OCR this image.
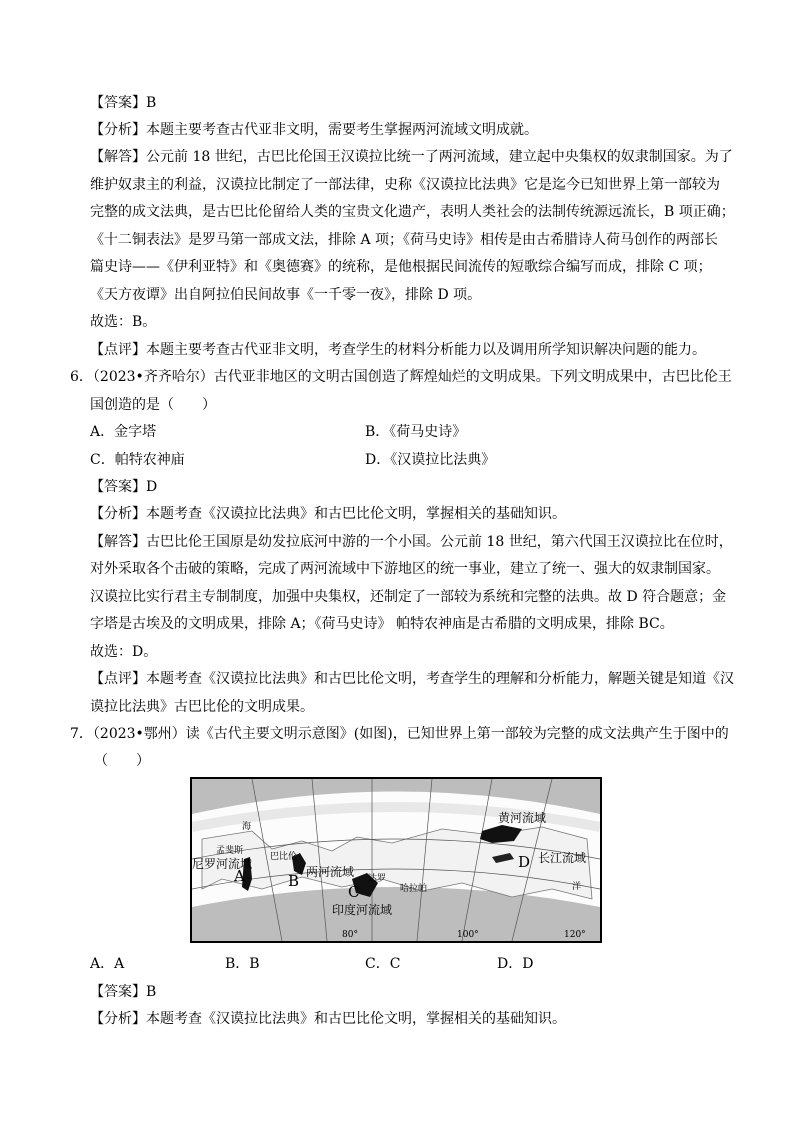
【答案】B
【分析】本题主要考查古代亚非文明，需要考生掌握两河流域文明成就。
【解答】公元前 18 世纪，古巴比伦国王汉谟拉比统一了两河流域，建立起中央集权的奴隶制国家。为了
维护奴隶主的利益，汉谟拉比制定了一部法律，史称《汉谟拉比法典》它是迄今已知世界上第一部较为
完整的成文法典，是古巴比伦留给人类的宝贵文化遗产，表明人类社会的法制传统源远流长，B 项正确；
《十二铜表法》是罗马第一部成文法，排除 A 项；《荷马史诗》相传是由古希腊诗人荷马创作的两部长
篇史诗——《伊利亚特》和《奥德赛》的统称，是他根据民间流传的短歌综合编写而成，排除 C 项；
《天方夜谭》出自阿拉伯民间故事《一千零一夜》，排除 D 项。
故选：B。
【点评】本题主要考查古代亚非文明，考查学生的材料分析能力以及调用所学知识解决问题的能力。
6．（2023•齐齐哈尔）古代亚非地区的文明古国创造了辉煌灿烂的文明成果。下列文明成果中，古巴比伦王
国创造的是（　　）
A．金字塔	B．《荷马史诗》
C．帕特农神庙	D．《汉谟拉比法典》
【答案】D
【分析】本题考查《汉谟拉比法典》和古巴比伦文明，掌握相关的基础知识。
【解答】古巴比伦王国原是幼发拉底河中游的一个小国。公元前 18 世纪，第六代国王汉谟拉比在位时，
对外采取各个击破的策略，完成了两河流域中下游地区的统一事业，建立了统一、强大的奴隶制国家。
汉谟拉比实行君主专制制度，加强中央集权，还制定了一部较为系统和完整的法典。故 D 符合题意；金
字塔是古埃及的文明成果，排除 A；《荷马史诗》 帕特农神庙是古希腊的文明成果，排除 BC。
故选：D。
【点评】本题考查《汉谟拉比法典》和古巴比伦文明，考查学生的理解和分析能力，解题关键是知道《汉
谟拉比法典》古巴比伦的文明成果。
7．（2023•鄂州）读《古代主要文明示意图》(如图)，已知世界上第一部较为完整的成文法典产生于图中的
（　　）
80°	100°	120°
孟斐斯
尼罗河流域
A
巴比伦
两河流域
B	达罗
哈拉帕
C
印度河流域
黄河流域
D 长江流域
海
洋
A．A	B．B	C．C	D．D
【答案】B
【分析】本题考查《汉谟拉比法典》和古巴比伦文明，掌握相关的基础知识。
